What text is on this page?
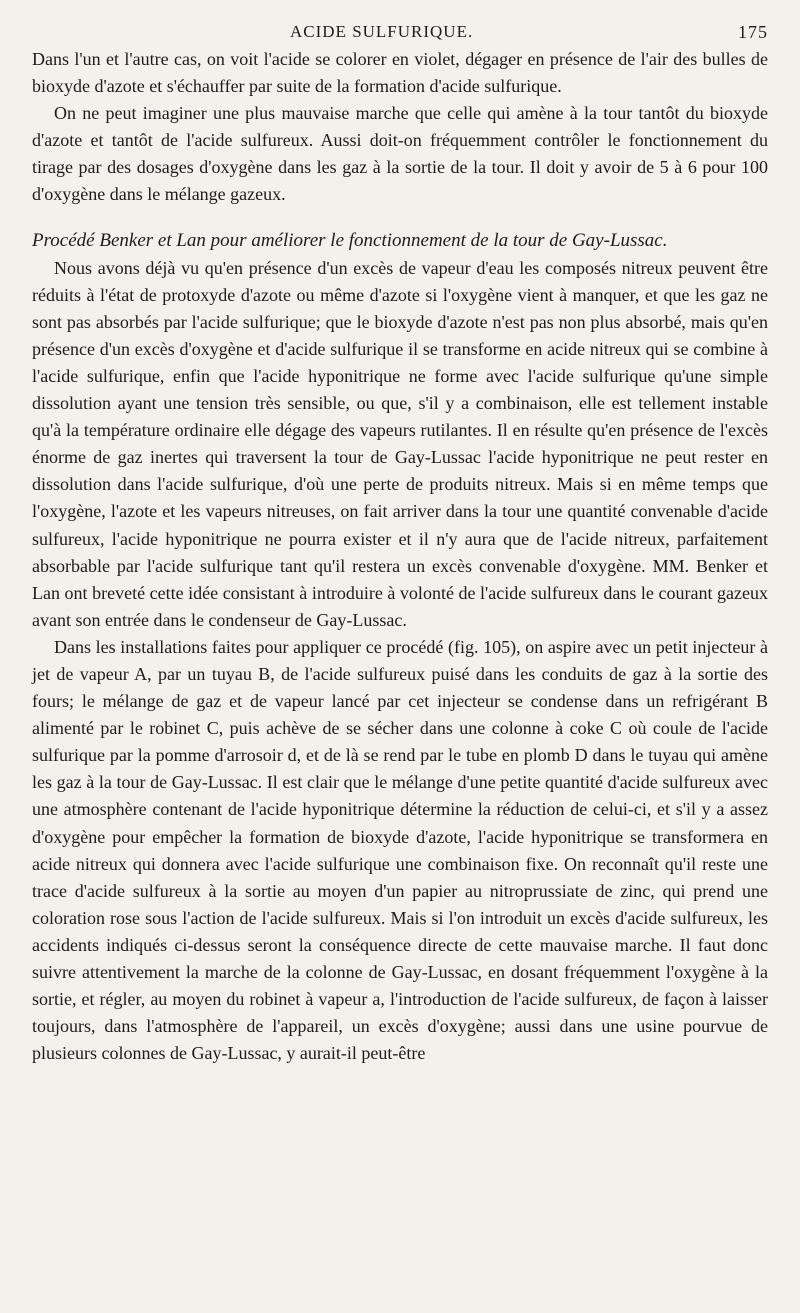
ACIDE SULFURIQUE.	175

Dans l'un et l'autre cas, on voit l'acide se colorer en violet, dégager en présence de l'air des bulles de bioxyde d'azote et s'échauffer par suite de la formation d'acide sulfurique.

On ne peut imaginer une plus mauvaise marche que celle qui amène à la tour tantôt du bioxyde d'azote et tantôt de l'acide sulfureux. Aussi doit-on fréquemment contrôler le fonctionnement du tirage par des dosages d'oxygène dans les gaz à la sortie de la tour. Il doit y avoir de 5 à 6 pour 100 d'oxygène dans le mélange gazeux.

Procédé Benker et Lan pour améliorer le fonctionnement de la tour de Gay-Lussac.

Nous avons déjà vu qu'en présence d'un excès de vapeur d'eau les composés nitreux peuvent être réduits à l'état de protoxyde d'azote ou même d'azote si l'oxygène vient à manquer, et que les gaz ne sont pas absorbés par l'acide sulfurique; que le bioxyde d'azote n'est pas non plus absorbé, mais qu'en présence d'un excès d'oxygène et d'acide sulfurique il se transforme en acide nitreux qui se combine à l'acide sulfurique, enfin que l'acide hyponitrique ne forme avec l'acide sulfurique qu'une simple dissolution ayant une tension très sensible, ou que, s'il y a combinaison, elle est tellement instable qu'à la température ordinaire elle dégage des vapeurs rutilantes. Il en résulte qu'en présence de l'excès énorme de gaz inertes qui traversent la tour de Gay-Lussac l'acide hyponitrique ne peut rester en dissolution dans l'acide sulfurique, d'où une perte de produits nitreux. Mais si en même temps que l'oxygène, l'azote et les vapeurs nitreuses, on fait arriver dans la tour une quantité convenable d'acide sulfureux, l'acide hyponitrique ne pourra exister et il n'y aura que de l'acide nitreux, parfaitement absorbable par l'acide sulfurique tant qu'il restera un excès convenable d'oxygène. MM. Benker et Lan ont breveté cette idée consistant à introduire à volonté de l'acide sulfureux dans le courant gazeux avant son entrée dans le condenseur de Gay-Lussac.

Dans les installations faites pour appliquer ce procédé (fig. 105), on aspire avec un petit injecteur à jet de vapeur A, par un tuyau B, de l'acide sulfureux puisé dans les conduits de gaz à la sortie des fours; le mélange de gaz et de vapeur lancé par cet injecteur se condense dans un refrigérant B alimenté par le robinet C, puis achève de se sécher dans une colonne à coke C où coule de l'acide sulfurique par la pomme d'arrosoir d, et de là se rend par le tube en plomb D dans le tuyau qui amène les gaz à la tour de Gay-Lussac. Il est clair que le mélange d'une petite quantité d'acide sulfureux avec une atmosphère contenant de l'acide hyponitrique détermine la réduction de celui-ci, et s'il y a assez d'oxygène pour empêcher la formation de bioxyde d'azote, l'acide hyponitrique se transformera en acide nitreux qui donnera avec l'acide sulfurique une combinaison fixe. On reconnaît qu'il reste une trace d'acide sulfureux à la sortie au moyen d'un papier au nitroprussiate de zinc, qui prend une coloration rose sous l'action de l'acide sulfureux. Mais si l'on introduit un excès d'acide sulfureux, les accidents indiqués ci-dessus seront la conséquence directe de cette mauvaise marche. Il faut donc suivre attentivement la marche de la colonne de Gay-Lussac, en dosant fréquemment l'oxygène à la sortie, et régler, au moyen du robinet à vapeur a, l'introduction de l'acide sulfureux, de façon à laisser toujours, dans l'atmosphère de l'appareil, un excès d'oxygène; aussi dans une usine pourvue de plusieurs colonnes de Gay-Lussac, y aurait-il peut-être
